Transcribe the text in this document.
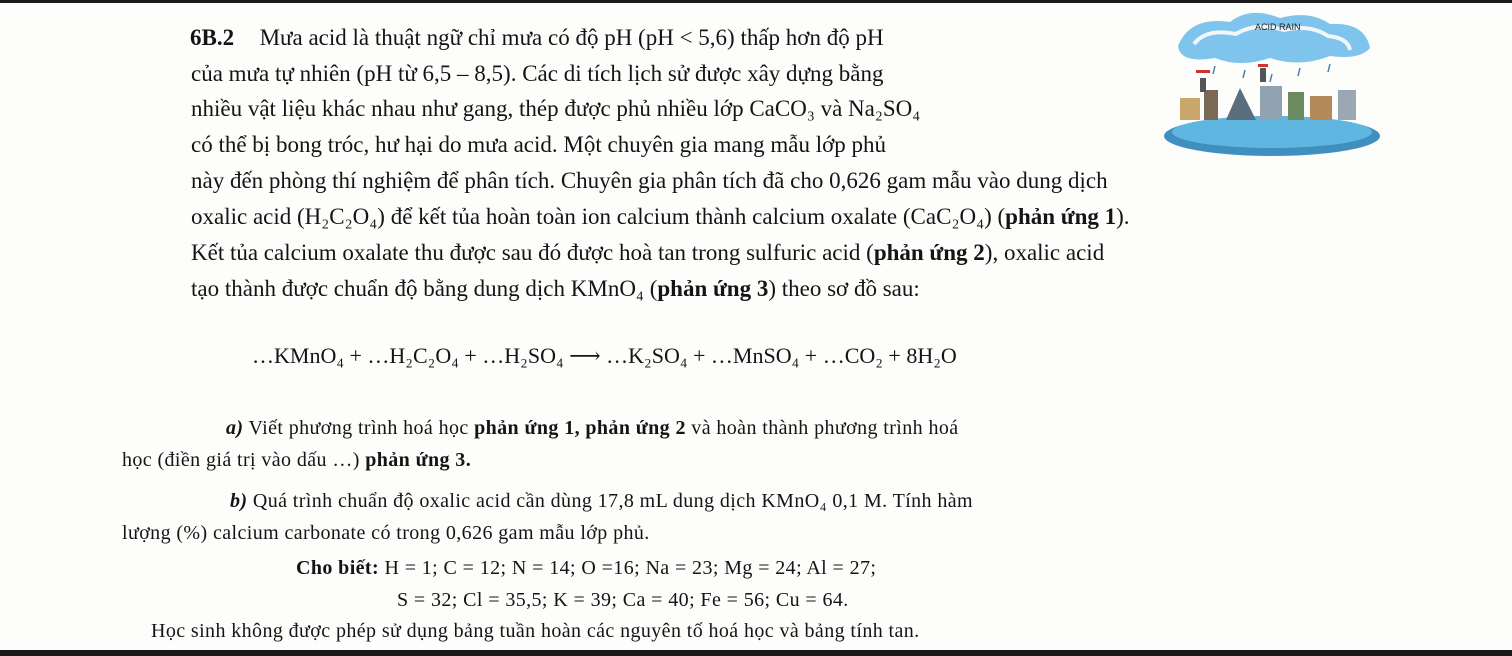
6B.2 Mưa acid là thuật ngữ chỉ mưa có độ pH (pH < 5,6) thấp hơn độ pH
của mưa tự nhiên (pH từ 6,5 – 8,5). Các di tích lịch sử được xây dựng bằng
nhiều vật liệu khác nhau như gang, thép được phủ nhiều lớp CaCO₃ và Na₂SO₄
có thể bị bong tróc, hư hại do mưa acid. Một chuyên gia mang mẫu lớp phủ
này đến phòng thí nghiệm để phân tích. Chuyên gia phân tích đã cho 0,626 gam mẫu vào dung dịch
oxalic acid (H₂C₂O₄) để kết tủa hoàn toàn ion calcium thành calcium oxalate (CaC₂O₄) (phản ứng 1).
Kết tủa calcium oxalate thu được sau đó được hoà tan trong sulfuric acid (phản ứng 2), oxalic acid
tạo thành được chuẩn độ bằng dung dịch KMnO₄ (phản ứng 3) theo sơ đồ sau:
…KMnO₄ + …H₂C₂O₄ + …H₂SO₄ ⟶ …K₂SO₄ + …MnSO₄ + …CO₂ + 8H₂O
a) Viết phương trình hoá học phản ứng 1, phản ứng 2 và hoàn thành phương trình hoá
học (điền giá trị vào dấu …) phản ứng 3.
b) Quá trình chuẩn độ oxalic acid cần dùng 17,8 mL dung dịch KMnO₄ 0,1 M. Tính hàm
lượng (%) calcium carbonate có trong 0,626 gam mẫu lớp phủ.
Cho biết: H = 1; C = 12; N = 14; O =16; Na = 23; Mg = 24; Al = 27;
S = 32; Cl = 35,5; K = 39; Ca = 40; Fe = 56; Cu = 64.
Học sinh không được phép sử dụng bảng tuần hoàn các nguyên tố hoá học và bảng tính tan.
ACID RAIN
